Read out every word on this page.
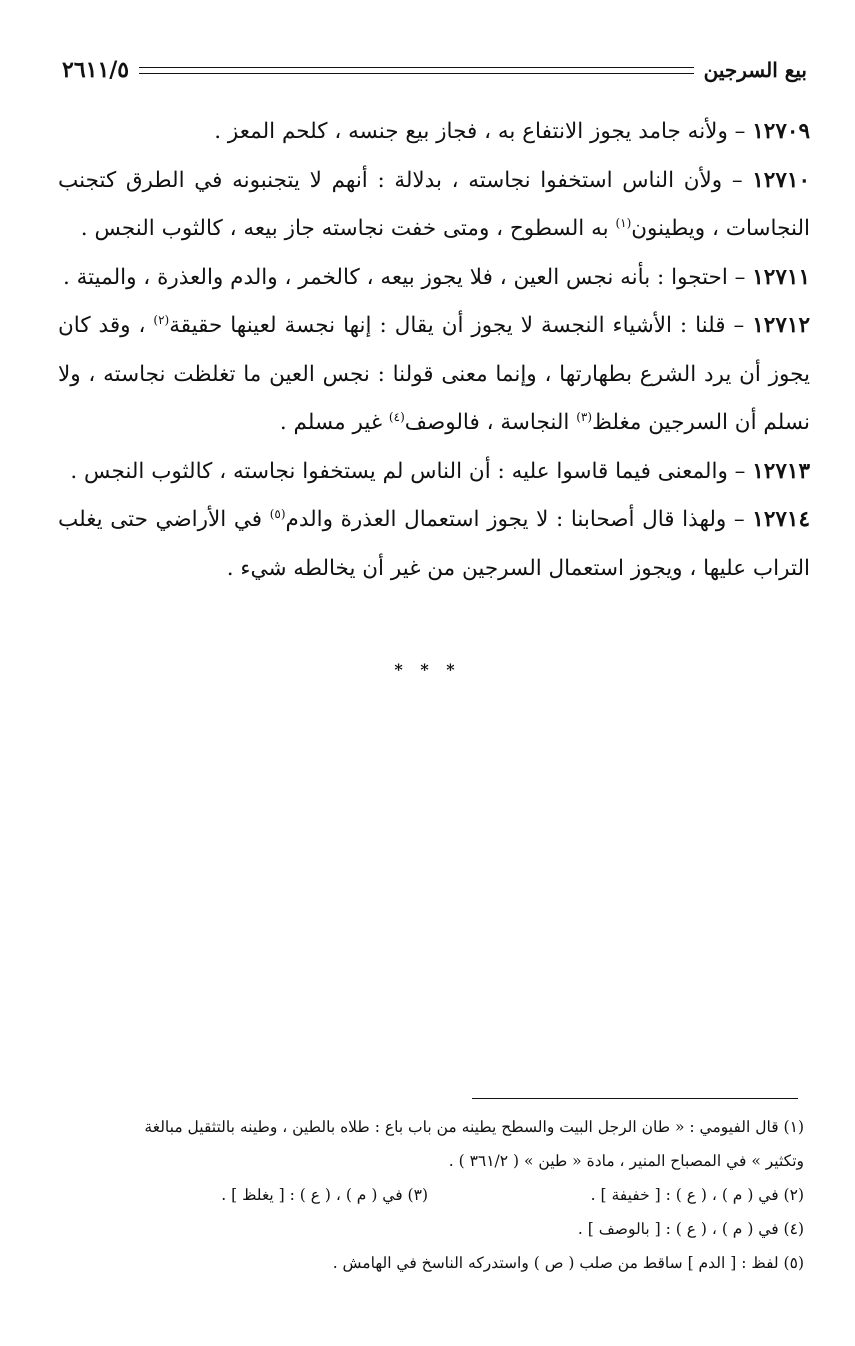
بيع السرجين
٢٦١١/٥

١٢٧٠٩ – ولأنه جامد يجوز الانتفاع به ، فجاز بيع جنسه ، كلحم المعز .

١٢٧١٠ – ولأن الناس استخفوا نجاسته ، بدلالة : أنهم لا يتجنبونه في الطرق كتجنب النجاسات ، ويطينون$^{(١)}$ به السطوح ، ومتى خفت نجاسته جاز بيعه ، كالثوب النجس .

١٢٧١١ – احتجوا : بأنه نجس العين ، فلا يجوز بيعه ، كالخمر ، والدم والعذرة ، والميتة .

١٢٧١٢ – قلنا : الأشياء النجسة لا يجوز أن يقال : إنها نجسة لعينها حقيقة$^{(٢)}$ ، وقد كان يجوز أن يرد الشرع بطهارتها ، وإنما معنى قولنا : نجس العين ما تغلظت نجاسته ، ولا نسلم أن السرجين مغلظ$^{(٣)}$ النجاسة ، فالوصف$^{(٤)}$ غير مسلم .

١٢٧١٣ – والمعنى فيما قاسوا عليه : أن الناس لم يستخفوا نجاسته ، كالثوب النجس .

١٢٧١٤ – ولهذا قال أصحابنا : لا يجوز استعمال العذرة والدم$^{(٥)}$ في الأراضي حتى يغلب التراب عليها ، ويجوز استعمال السرجين من غير أن يخالطه شيء .

* * *

(١) قال الفيومي : « طان الرجل البيت والسطح يطينه من باب باع : طلاه بالطين ، وطينه بالتثقيل مبالغة

وتكثير » في المصباح المنير ، مادة « طين » ( ٣٦١/٢ ) .

(٢) في ( م ) ، ( ع ) : [ خفيفة ] .

(٣) في ( م ) ، ( ع ) : [ يغلظ ] .

(٤) في ( م ) ، ( ع ) : [ بالوصف ] .

(٥) لفظ : [ الدم ] ساقط من صلب ( ص ) واستدركه الناسخ في الهامش .
